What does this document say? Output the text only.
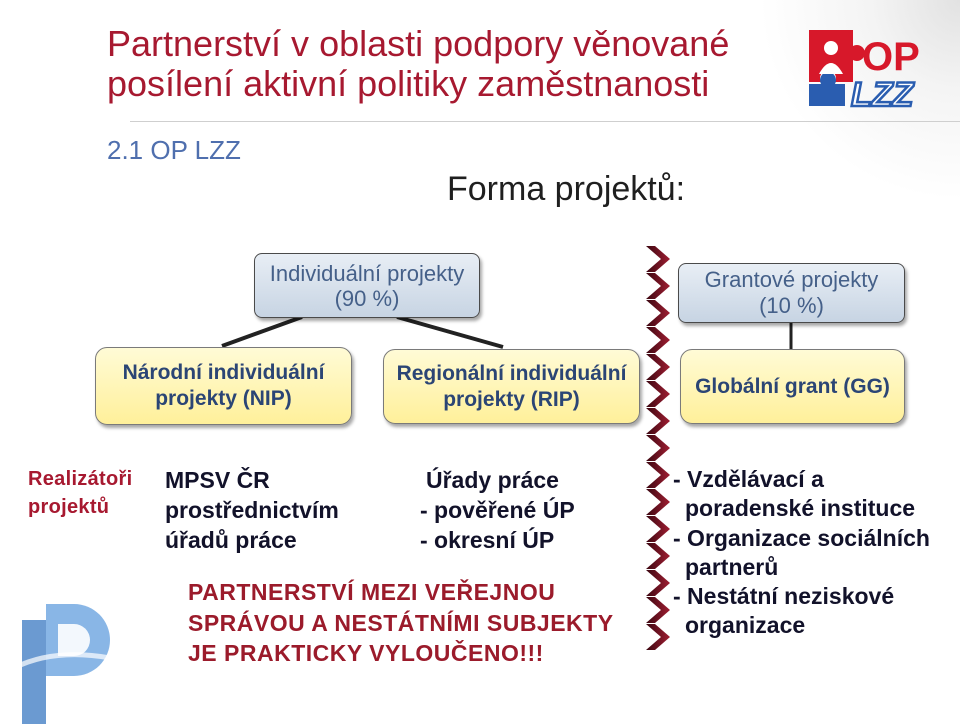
Partnerství v oblasti podpory věnované
posílení aktivní politiky zaměstnanosti
OP
LZZ
2.1 OP LZZ
Forma projektů:
Individuální projekty
(90 %)
Grantové projekty
(10 %)
Národní individuální
projekty (NIP)
Regionální individuální
projekty (RIP)
Globální grant (GG)
Realizátoři
projektů
MPSV ČR
prostřednictvím
úřadů práce
Úřady práce
- pověřené ÚP
- okresní ÚP
- Vzdělávací a
poradenské instituce
- Organizace sociálních
partnerů
- Nestátní neziskové
organizace
PARTNERSTVÍ MEZI VEŘEJNOU
SPRÁVOU A NESTÁTNÍMI SUBJEKTY
JE PRAKTICKY VYLOUČENO!!!
